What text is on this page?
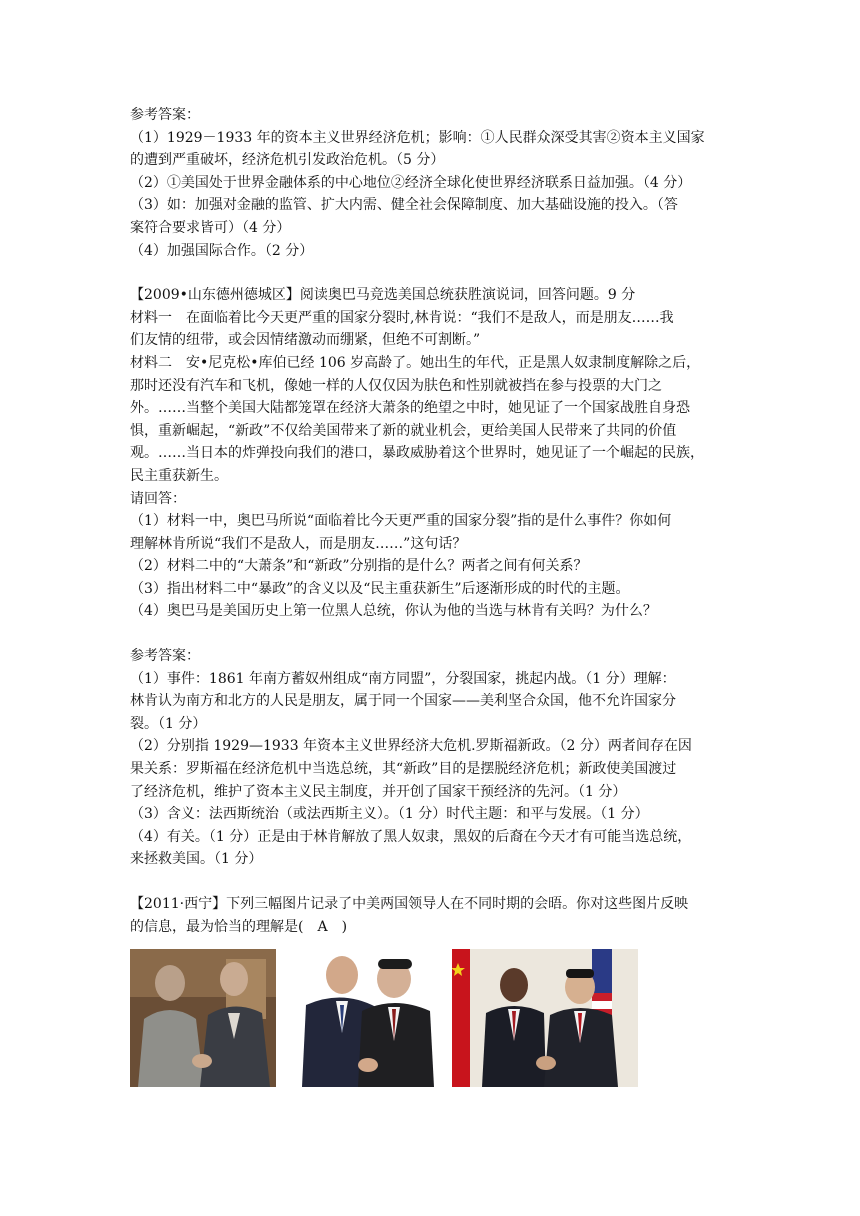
参考答案：

（1）1929－1933 年的资本主义世界经济危机；影响：①人民群众深受其害②资本主义国家

的遭到严重破坏，经济危机引发政治危机。（5 分）

（2）①美国处于世界金融体系的中心地位②经济全球化使世界经济联系日益加强。（4 分）

（3）如：加强对金融的监管、扩大内需、健全社会保障制度、加大基础设施的投入。（答

案符合要求皆可）（4 分）

（4）加强国际合作。（2 分）

【2009•山东德州德城区】阅读奥巴马竞选美国总统获胜演说词，回答问题。9 分

材料一　在面临着比今天更严重的国家分裂时,林肯说：“我们不是敌人，而是朋友……我

们友情的纽带，或会因情绪激动而绷紧，但绝不可割断。”

材料二　安•尼克松•库伯已经 106 岁高龄了。她出生的年代，正是黑人奴隶制度解除之后，

那时还没有汽车和飞机，像她一样的人仅仅因为肤色和性别就被挡在参与投票的大门之

外。……当整个美国大陆都笼罩在经济大萧条的绝望之中时，她见证了一个国家战胜自身恐

惧，重新崛起，“新政”不仅给美国带来了新的就业机会，更给美国人民带来了共同的价值

观。……当日本的炸弹投向我们的港口，暴政威胁着这个世界时，她见证了一个崛起的民族，

民主重获新生。

请回答：

（1）材料一中，奥巴马所说“面临着比今天更严重的国家分裂”指的是什么事件？你如何

理解林肯所说“我们不是敌人，而是朋友……”这句话？

（2）材料二中的“大萧条”和“新政”分别指的是什么？两者之间有何关系？

（3）指出材料二中“暴政”的含义以及“民主重获新生”后逐渐形成的时代的主题。

（4）奥巴马是美国历史上第一位黑人总统，你认为他的当选与林肯有关吗？为什么？

参考答案：

（1）事件：1861 年南方蓄奴州组成“南方同盟”，分裂国家，挑起内战。（1 分）理解：

林肯认为南方和北方的人民是朋友，属于同一个国家——美利坚合众国，他不允许国家分

裂。（1 分）

（2）分别指 1929—1933 年资本主义世界经济大危机.罗斯福新政。（2 分）两者间存在因

果关系：罗斯福在经济危机中当选总统，其“新政”目的是摆脱经济危机；新政使美国渡过

了经济危机，维护了资本主义民主制度，并开创了国家干预经济的先河。（1 分）

（3）含义：法西斯统治（或法西斯主义）。（1 分）时代主题：和平与发展。（1 分）

（4）有关。（1 分）正是由于林肯解放了黑人奴隶，黑奴的后裔在今天才有可能当选总统，

来拯救美国。（1 分）

【2011·西宁】下列三幅图片记录了中美两国领导人在不同时期的会晤。你对这些图片反映

的信息，最为恰当的理解是(　A　)
